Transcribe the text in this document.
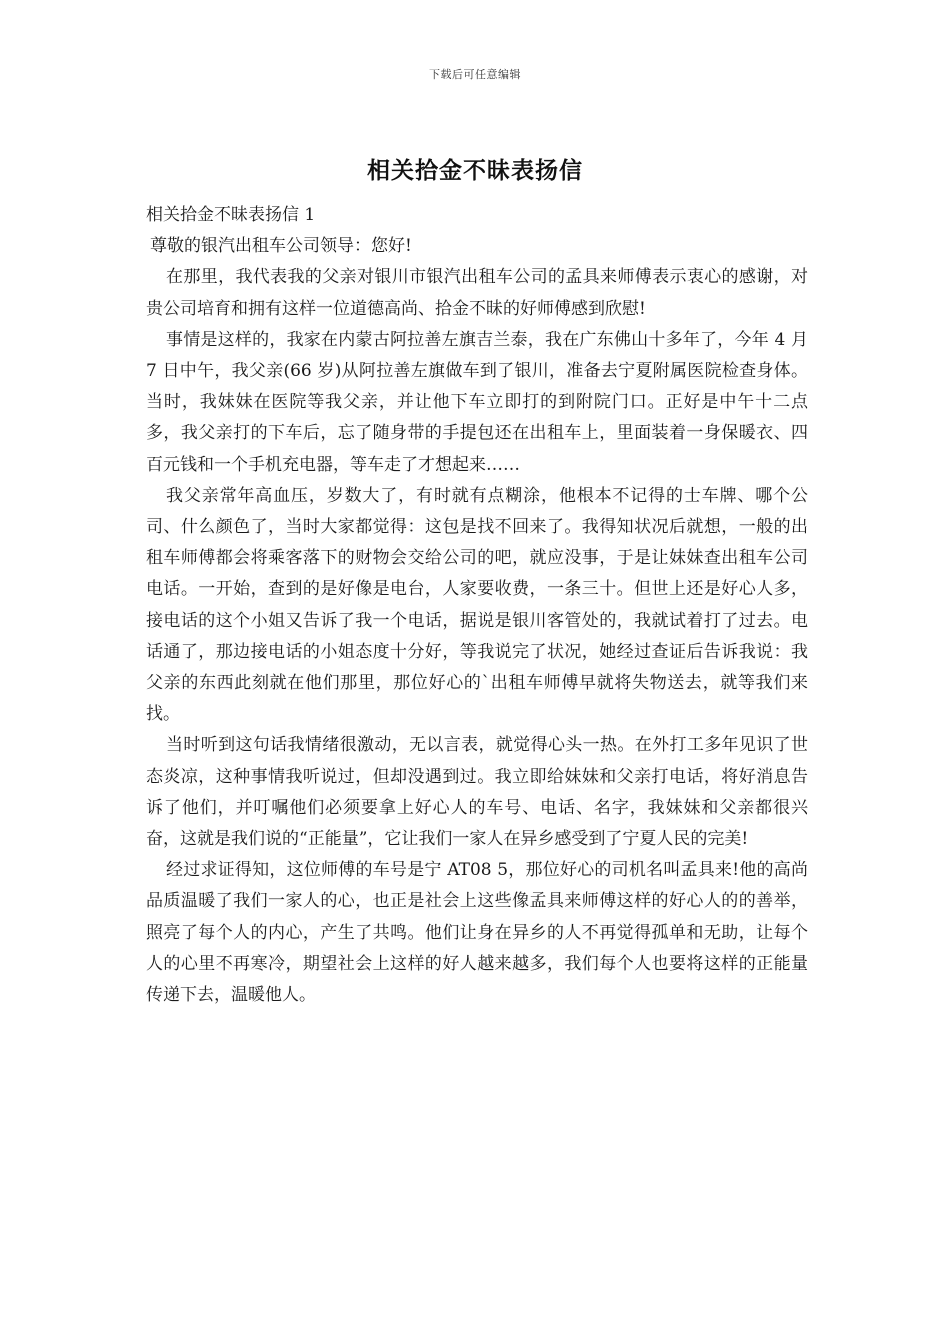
下载后可任意编辑
相关拾金不昧表扬信

相关拾金不昧表扬信 1

尊敬的银汽出租车公司领导：您好!

在那里，我代表我的父亲对银川市银汽出租车公司的孟具来师傅表示衷心的感谢，对贵公司培育和拥有这样一位道德高尚、拾金不昧的好师傅感到欣慰!

事情是这样的，我家在内蒙古阿拉善左旗吉兰泰，我在广东佛山十多年了，今年 4 月 7 日中午，我父亲(66 岁)从阿拉善左旗做车到了银川，准备去宁夏附属医院检查身体。当时，我妹妹在医院等我父亲，并让他下车立即打的到附院门口。正好是中午十二点多，我父亲打的下车后，忘了随身带的手提包还在出租车上，里面装着一身保暖衣、四百元钱和一个手机充电器，等车走了才想起来……

我父亲常年高血压，岁数大了，有时就有点糊涂，他根本不记得的士车牌、哪个公司、什么颜色了，当时大家都觉得：这包是找不回来了。我得知状况后就想，一般的出租车师傅都会将乘客落下的财物会交给公司的吧，就应没事，于是让妹妹查出租车公司电话。一开始，查到的是好像是电台，人家要收费，一条三十。但世上还是好心人多，接电话的这个小姐又告诉了我一个电话，据说是银川客管处的，我就试着打了过去。电话通了，那边接电话的小姐态度十分好，等我说完了状况，她经过查证后告诉我说：我父亲的东西此刻就在他们那里，那位好心的`出租车师傅早就将失物送去，就等我们来找。

当时听到这句话我情绪很激动，无以言表，就觉得心头一热。在外打工多年见识了世态炎凉，这种事情我听说过，但却没遇到过。我立即给妹妹和父亲打电话，将好消息告诉了他们，并叮嘱他们必须要拿上好心人的车号、电话、名字，我妹妹和父亲都很兴奋，这就是我们说的“正能量”，它让我们一家人在异乡感受到了宁夏人民的完美!

经过求证得知，这位师傅的车号是宁 AT08 5，那位好心的司机名叫孟具来!他的高尚品质温暖了我们一家人的心，也正是社会上这些像孟具来师傅这样的好心人的的善举，照亮了每个人的内心，产生了共鸣。他们让身在异乡的人不再觉得孤单和无助，让每个人的心里不再寒冷，期望社会上这样的好人越来越多，我们每个人也要将这样的正能量传递下去，温暖他人。
